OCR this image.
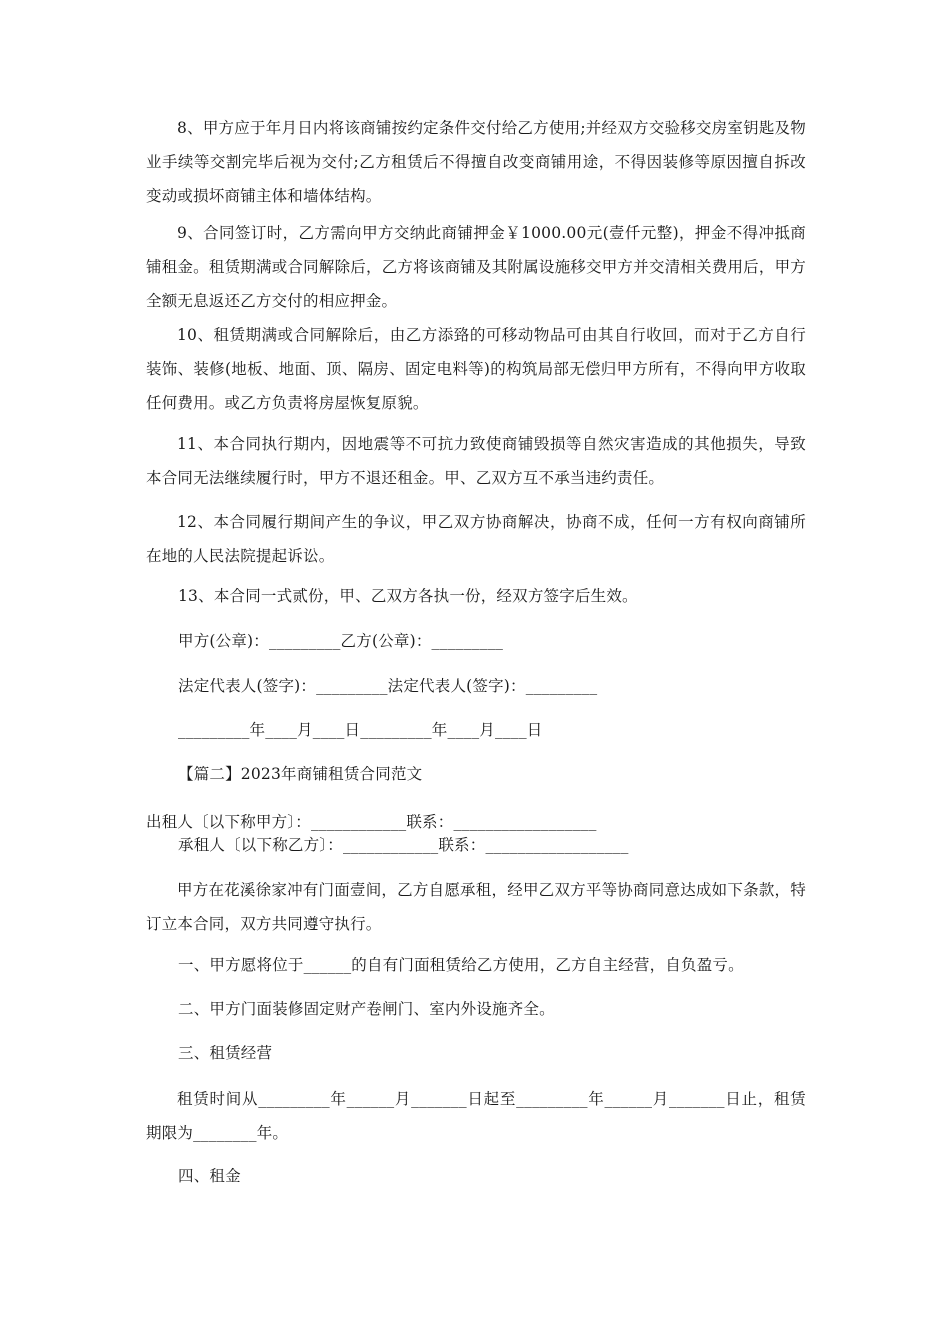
8、甲方应于年月日内将该商铺按约定条件交付给乙方使用;并经双方交验移交房室钥匙及物业手续等交割完毕后视为交付;乙方租赁后不得擅自改变商铺用途，不得因装修等原因擅自拆改变动或损坏商铺主体和墙体结构。

9、合同签订时，乙方需向甲方交纳此商铺押金￥1000.00元(壹仟元整)，押金不得冲抵商铺租金。租赁期满或合同解除后，乙方将该商铺及其附属设施移交甲方并交清相关费用后，甲方全额无息返还乙方交付的相应押金。

10、租赁期满或合同解除后，由乙方添臵的可移动物品可由其自行收回，而对于乙方自行装饰、装修(地板、地面、顶、隔房、固定电料等)的构筑局部无偿归甲方所有，不得向甲方收取任何费用。或乙方负责将房屋恢复原貌。

11、本合同执行期内，因地震等不可抗力致使商铺毁损等自然灾害造成的其他损失，导致本合同无法继续履行时，甲方不退还租金。甲、乙双方互不承当违约责任。

12、本合同履行期间产生的争议，甲乙双方协商解决，协商不成，任何一方有权向商铺所在地的人民法院提起诉讼。

13、本合同一式贰份，甲、乙双方各执一份，经双方签字后生效。

甲方(公章)：_________乙方(公章)：_________

法定代表人(签字)：_________法定代表人(签字)：_________

_________年____月____日_________年____月____日

【篇二】2023年商铺租赁合同范文

出租人〔以下称甲方〕：____________联系：__________________

承租人〔以下称乙方〕：____________联系：__________________

甲方在花溪徐家冲有门面壹间，乙方自愿承租，经甲乙双方平等协商同意达成如下条款，特订立本合同，双方共同遵守执行。

一、甲方愿将位于______的自有门面租赁给乙方使用，乙方自主经营，自负盈亏。

二、甲方门面装修固定财产卷闸门、室内外设施齐全。

三、租赁经营

租赁时间从_________年______月_______日起至_________年______月_______日止，租赁期限为________年。

四、租金
